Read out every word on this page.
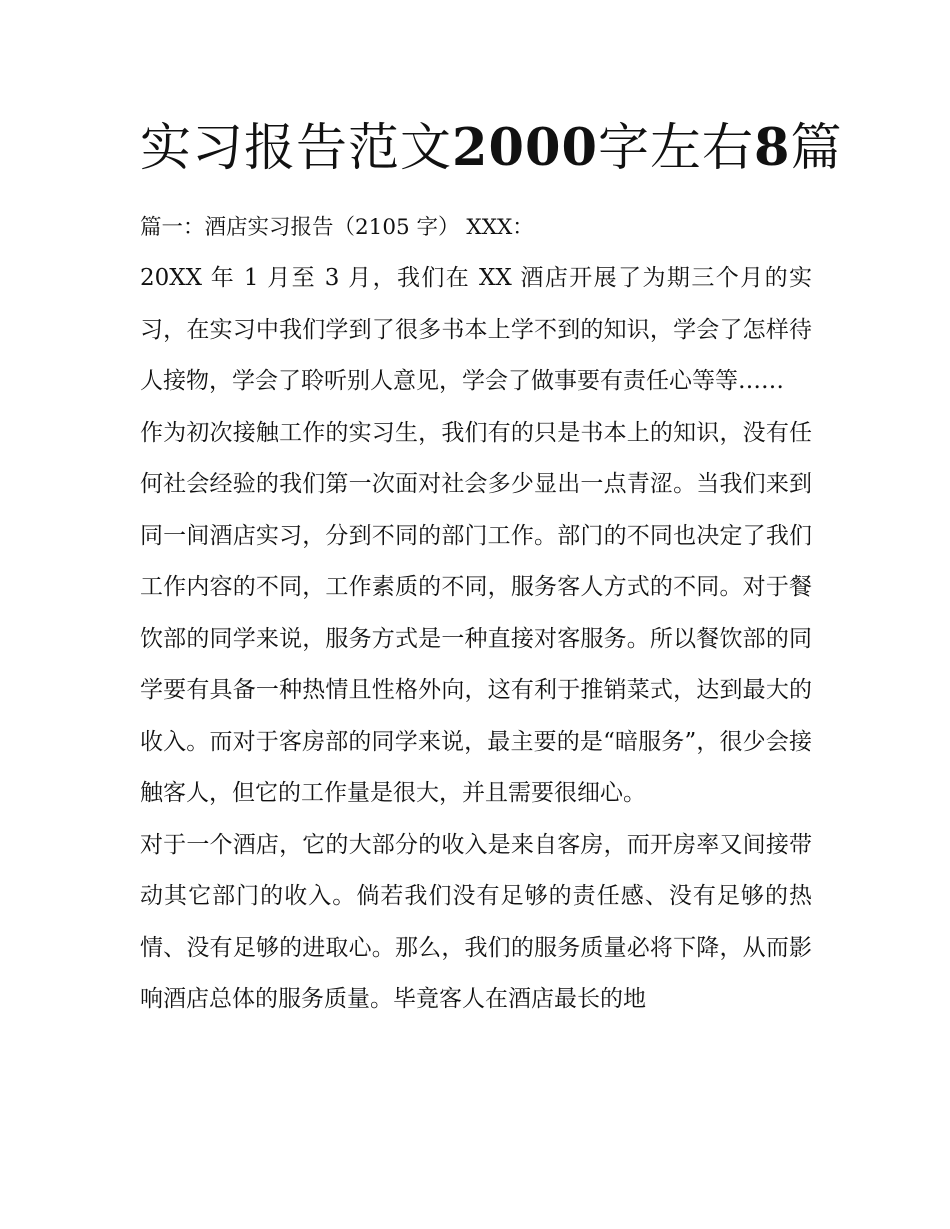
实习报告范文2000字左右8篇

篇一：酒店实习报告（2105 字） XXX：

20XX 年 1 月至 3 月，我们在 XX 酒店开展了为期三个月的实习，在实习中我们学到了很多书本上学不到的知识，学会了怎样待人接物，学会了聆听别人意见，学会了做事要有责任心等等……

作为初次接触工作的实习生，我们有的只是书本上的知识，没有任何社会经验的我们第一次面对社会多少显出一点青涩。当我们来到同一间酒店实习，分到不同的部门工作。部门的不同也决定了我们工作内容的不同，工作素质的不同，服务客人方式的不同。对于餐饮部的同学来说，服务方式是一种直接对客服务。所以餐饮部的同学要有具备一种热情且性格外向，这有利于推销菜式，达到最大的收入。而对于客房部的同学来说，最主要的是“暗服务”，很少会接触客人，但它的工作量是很大，并且需要很细心。

对于一个酒店，它的大部分的收入是来自客房，而开房率又间接带动其它部门的收入。倘若我们没有足够的责任感、没有足够的热情、没有足够的进取心。那么，我们的服务质量必将下降，从而影响酒店总体的服务质量。毕竟客人在酒店最长的地
